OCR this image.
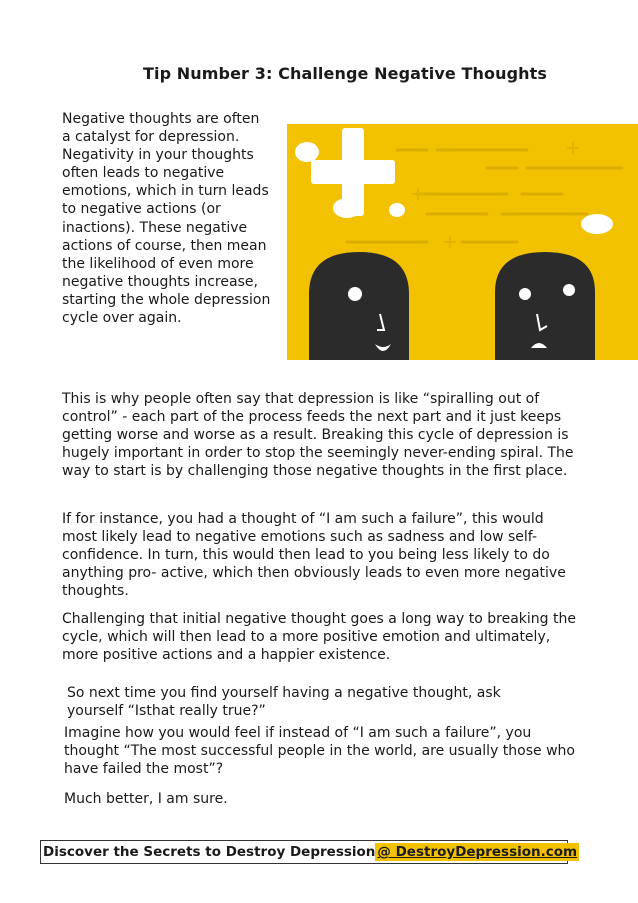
Tip Number 3: Challenge Negative Thoughts
Negative thoughts are often a catalyst for depression. Negativity in your thoughts often leads to negative emotions, which in turn leads to negative actions (or inactions). These negative actions of course, then mean the likelihood of even more negative thoughts increase, starting the whole depression cycle over again.

This is why people often say that depression is like “spiralling out of control” - each part of the process feeds the next part and it just keeps getting worse and worse as a result. Breaking this cycle of depression is hugely important in order to stop the seemingly never-ending spiral. The way to start is by challenging those negative thoughts in the first place.

If for instance, you had a thought of “I am such a failure”, this would most likely lead to negative emotions such as sadness and low self-confidence. In turn, this would then lead to you being less likely to do anything pro- active, which then obviously leads to even more negative thoughts.

Challenging that initial negative thought goes a long way to breaking the cycle, which will then lead to a more positive emotion and ultimately, more positive actions and a happier existence.

So next time you find yourself having a negative thought, ask yourself “Isthat really true?”

Imagine how you would feel if instead of “I am such a failure”, you thought “The most successful people in the world, are usually those who have failed the most”?

Much better, I am sure.

Discover the Secrets to Destroy Depression @ DestroyDepression.com
